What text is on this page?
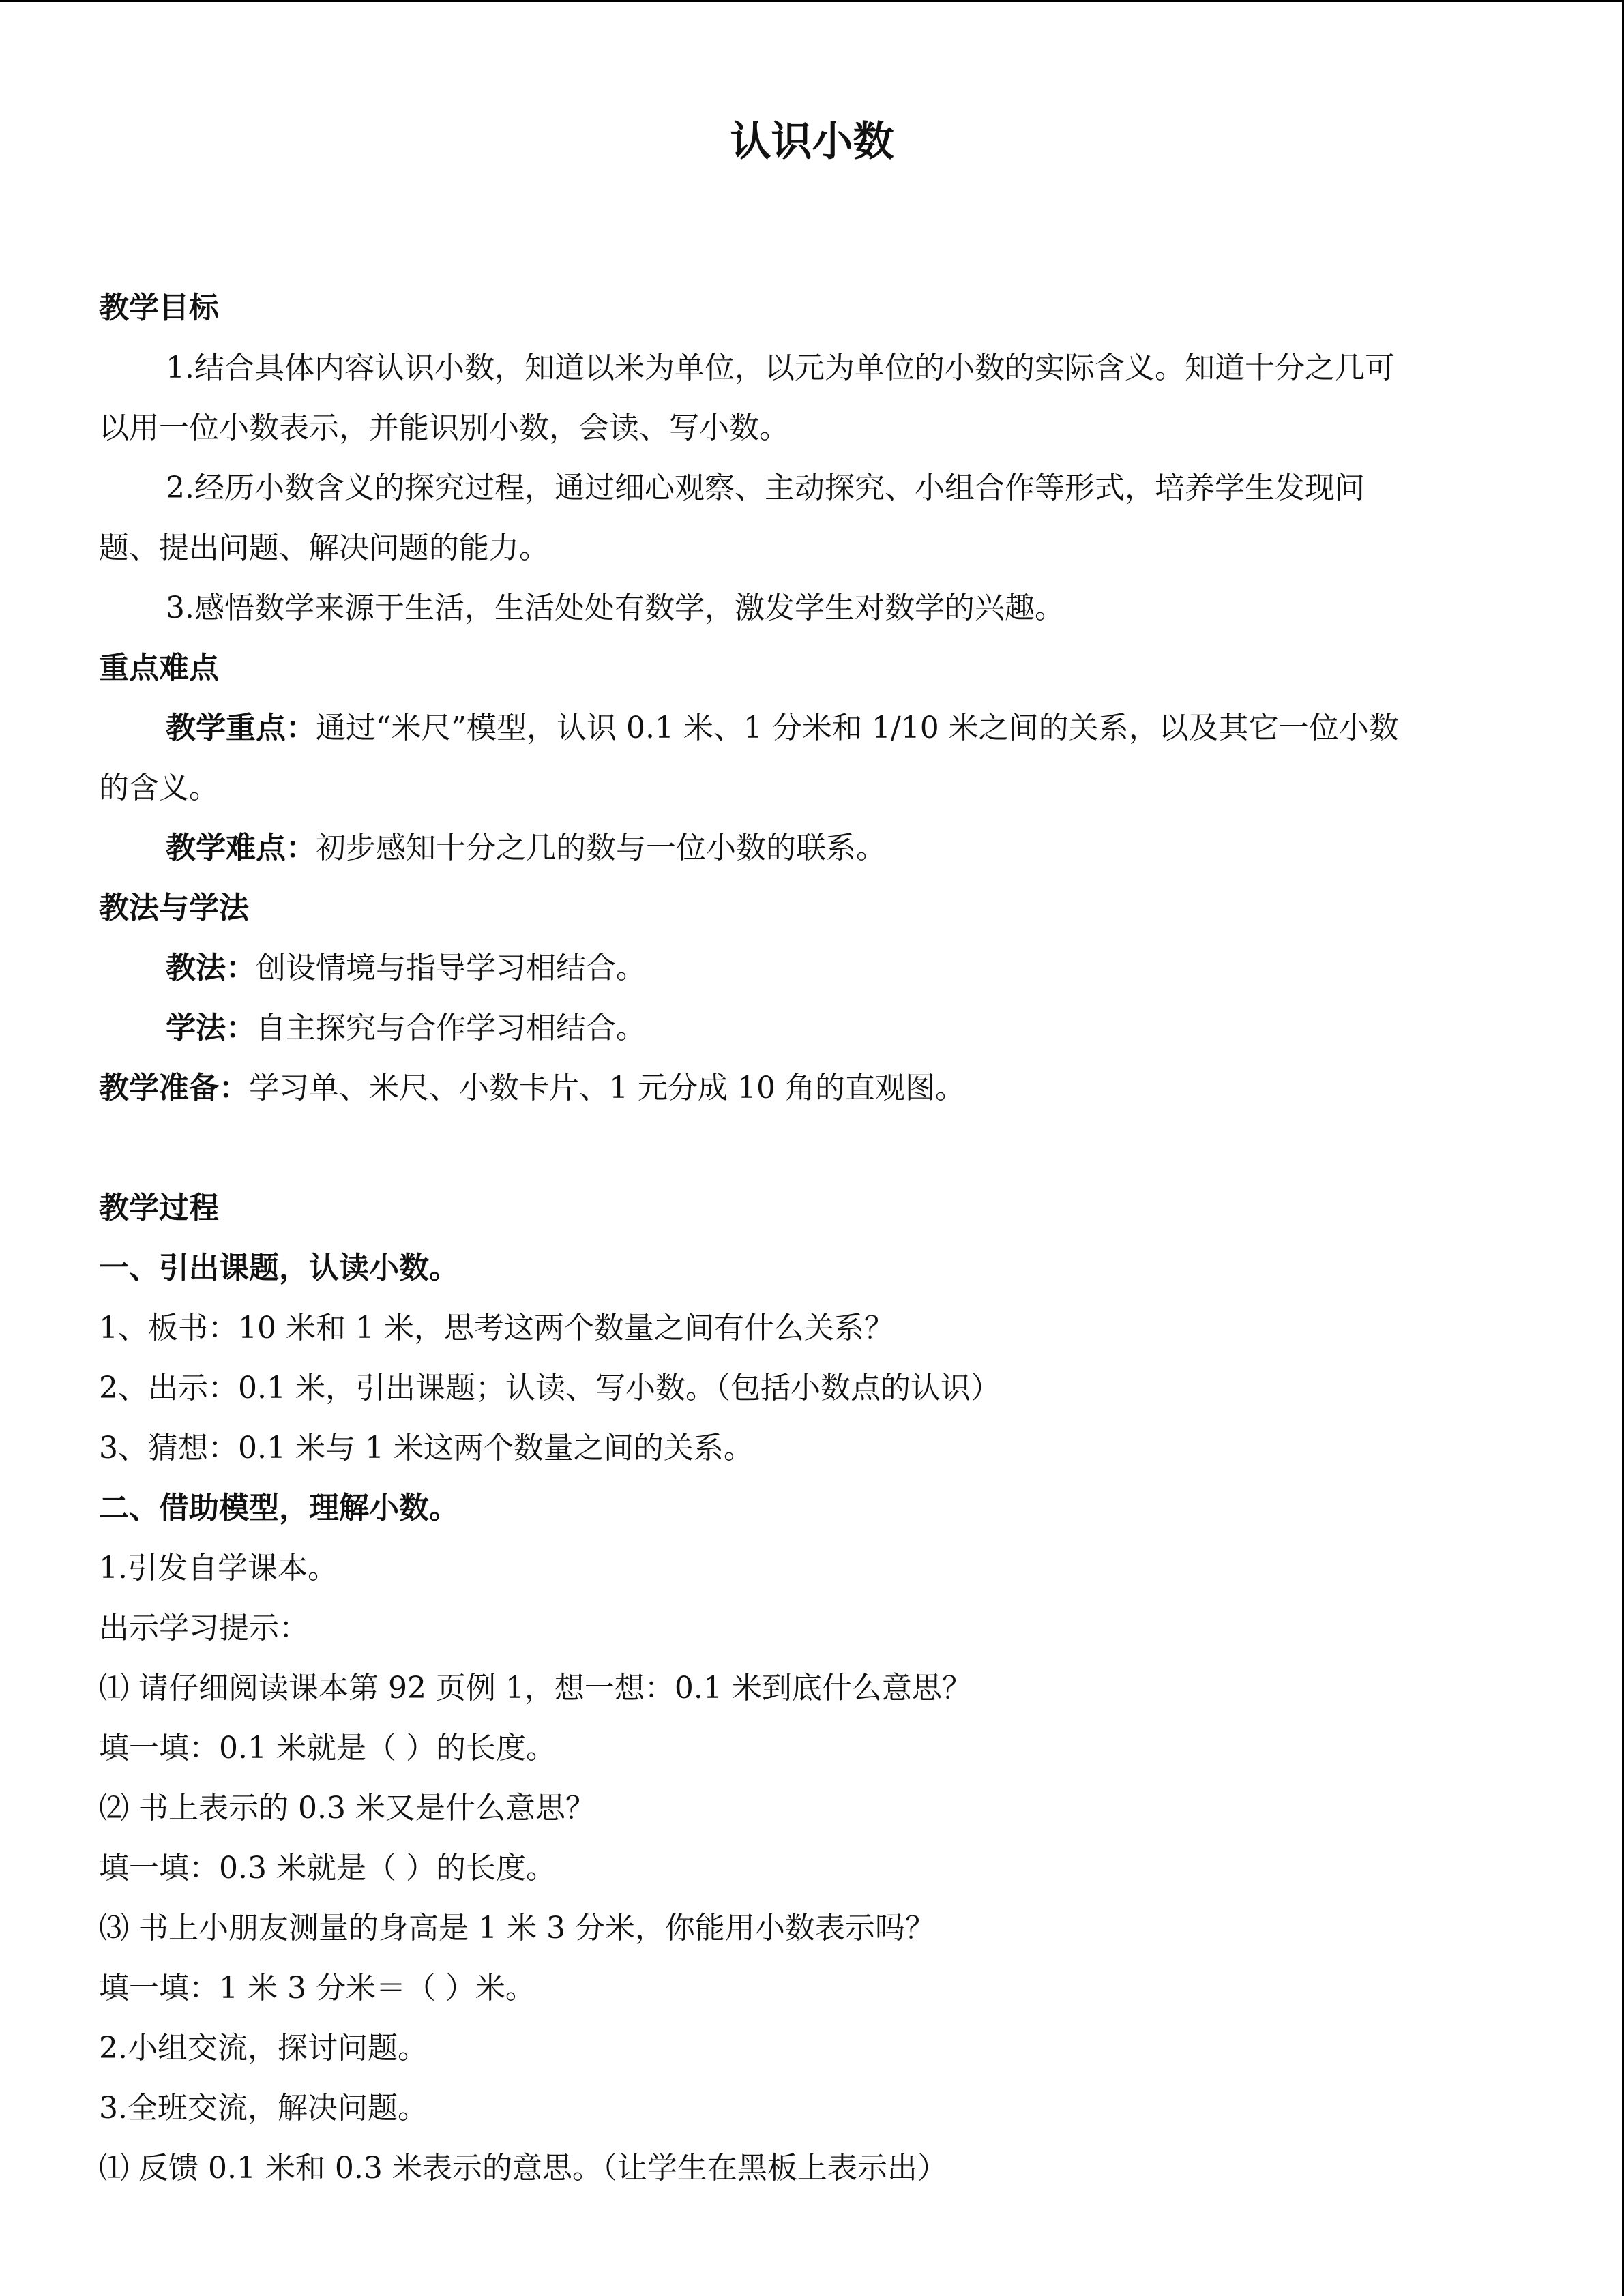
认识小数

教学目标

1.结合具体内容认识小数，知道以米为单位，以元为单位的小数的实际含义。知道十分之几可

以用一位小数表示，并能识别小数，会读、写小数。

2.经历小数含义的探究过程，通过细心观察、主动探究、小组合作等形式，培养学生发现问

题、提出问题、解决问题的能力。

3.感悟数学来源于生活，生活处处有数学，激发学生对数学的兴趣。

重点难点

教学重点：通过“米尺”模型，认识 0.1 米、1 分米和 1/10 米之间的关系，以及其它一位小数

的含义。

教学难点：初步感知十分之几的数与一位小数的联系。

教法与学法

教法：创设情境与指导学习相结合。

学法：自主探究与合作学习相结合。

教学准备：学习单、米尺、小数卡片、1 元分成 10 角的直观图。

教学过程

一、引出课题，认读小数。

1、板书：10 米和 1 米，思考这两个数量之间有什么关系？

2、出示：0.1 米，引出课题；认读、写小数。（包括小数点的认识）

3、猜想：0.1 米与 1 米这两个数量之间的关系。

二、借助模型，理解小数。

1.引发自学课本。

出示学习提示：

⑴ 请仔细阅读课本第 92 页例 1，想一想：0.1 米到底什么意思？

填一填：0.1 米就是（ ）的长度。

⑵ 书上表示的 0.3 米又是什么意思？

填一填：0.3 米就是（ ）的长度。

⑶ 书上小朋友测量的身高是 1 米 3 分米，你能用小数表示吗？

填一填：1 米 3 分米＝（ ）米。

2.小组交流，探讨问题。

3.全班交流，解决问题。

⑴ 反馈 0.1 米和 0.3 米表示的意思。（让学生在黑板上表示出）
